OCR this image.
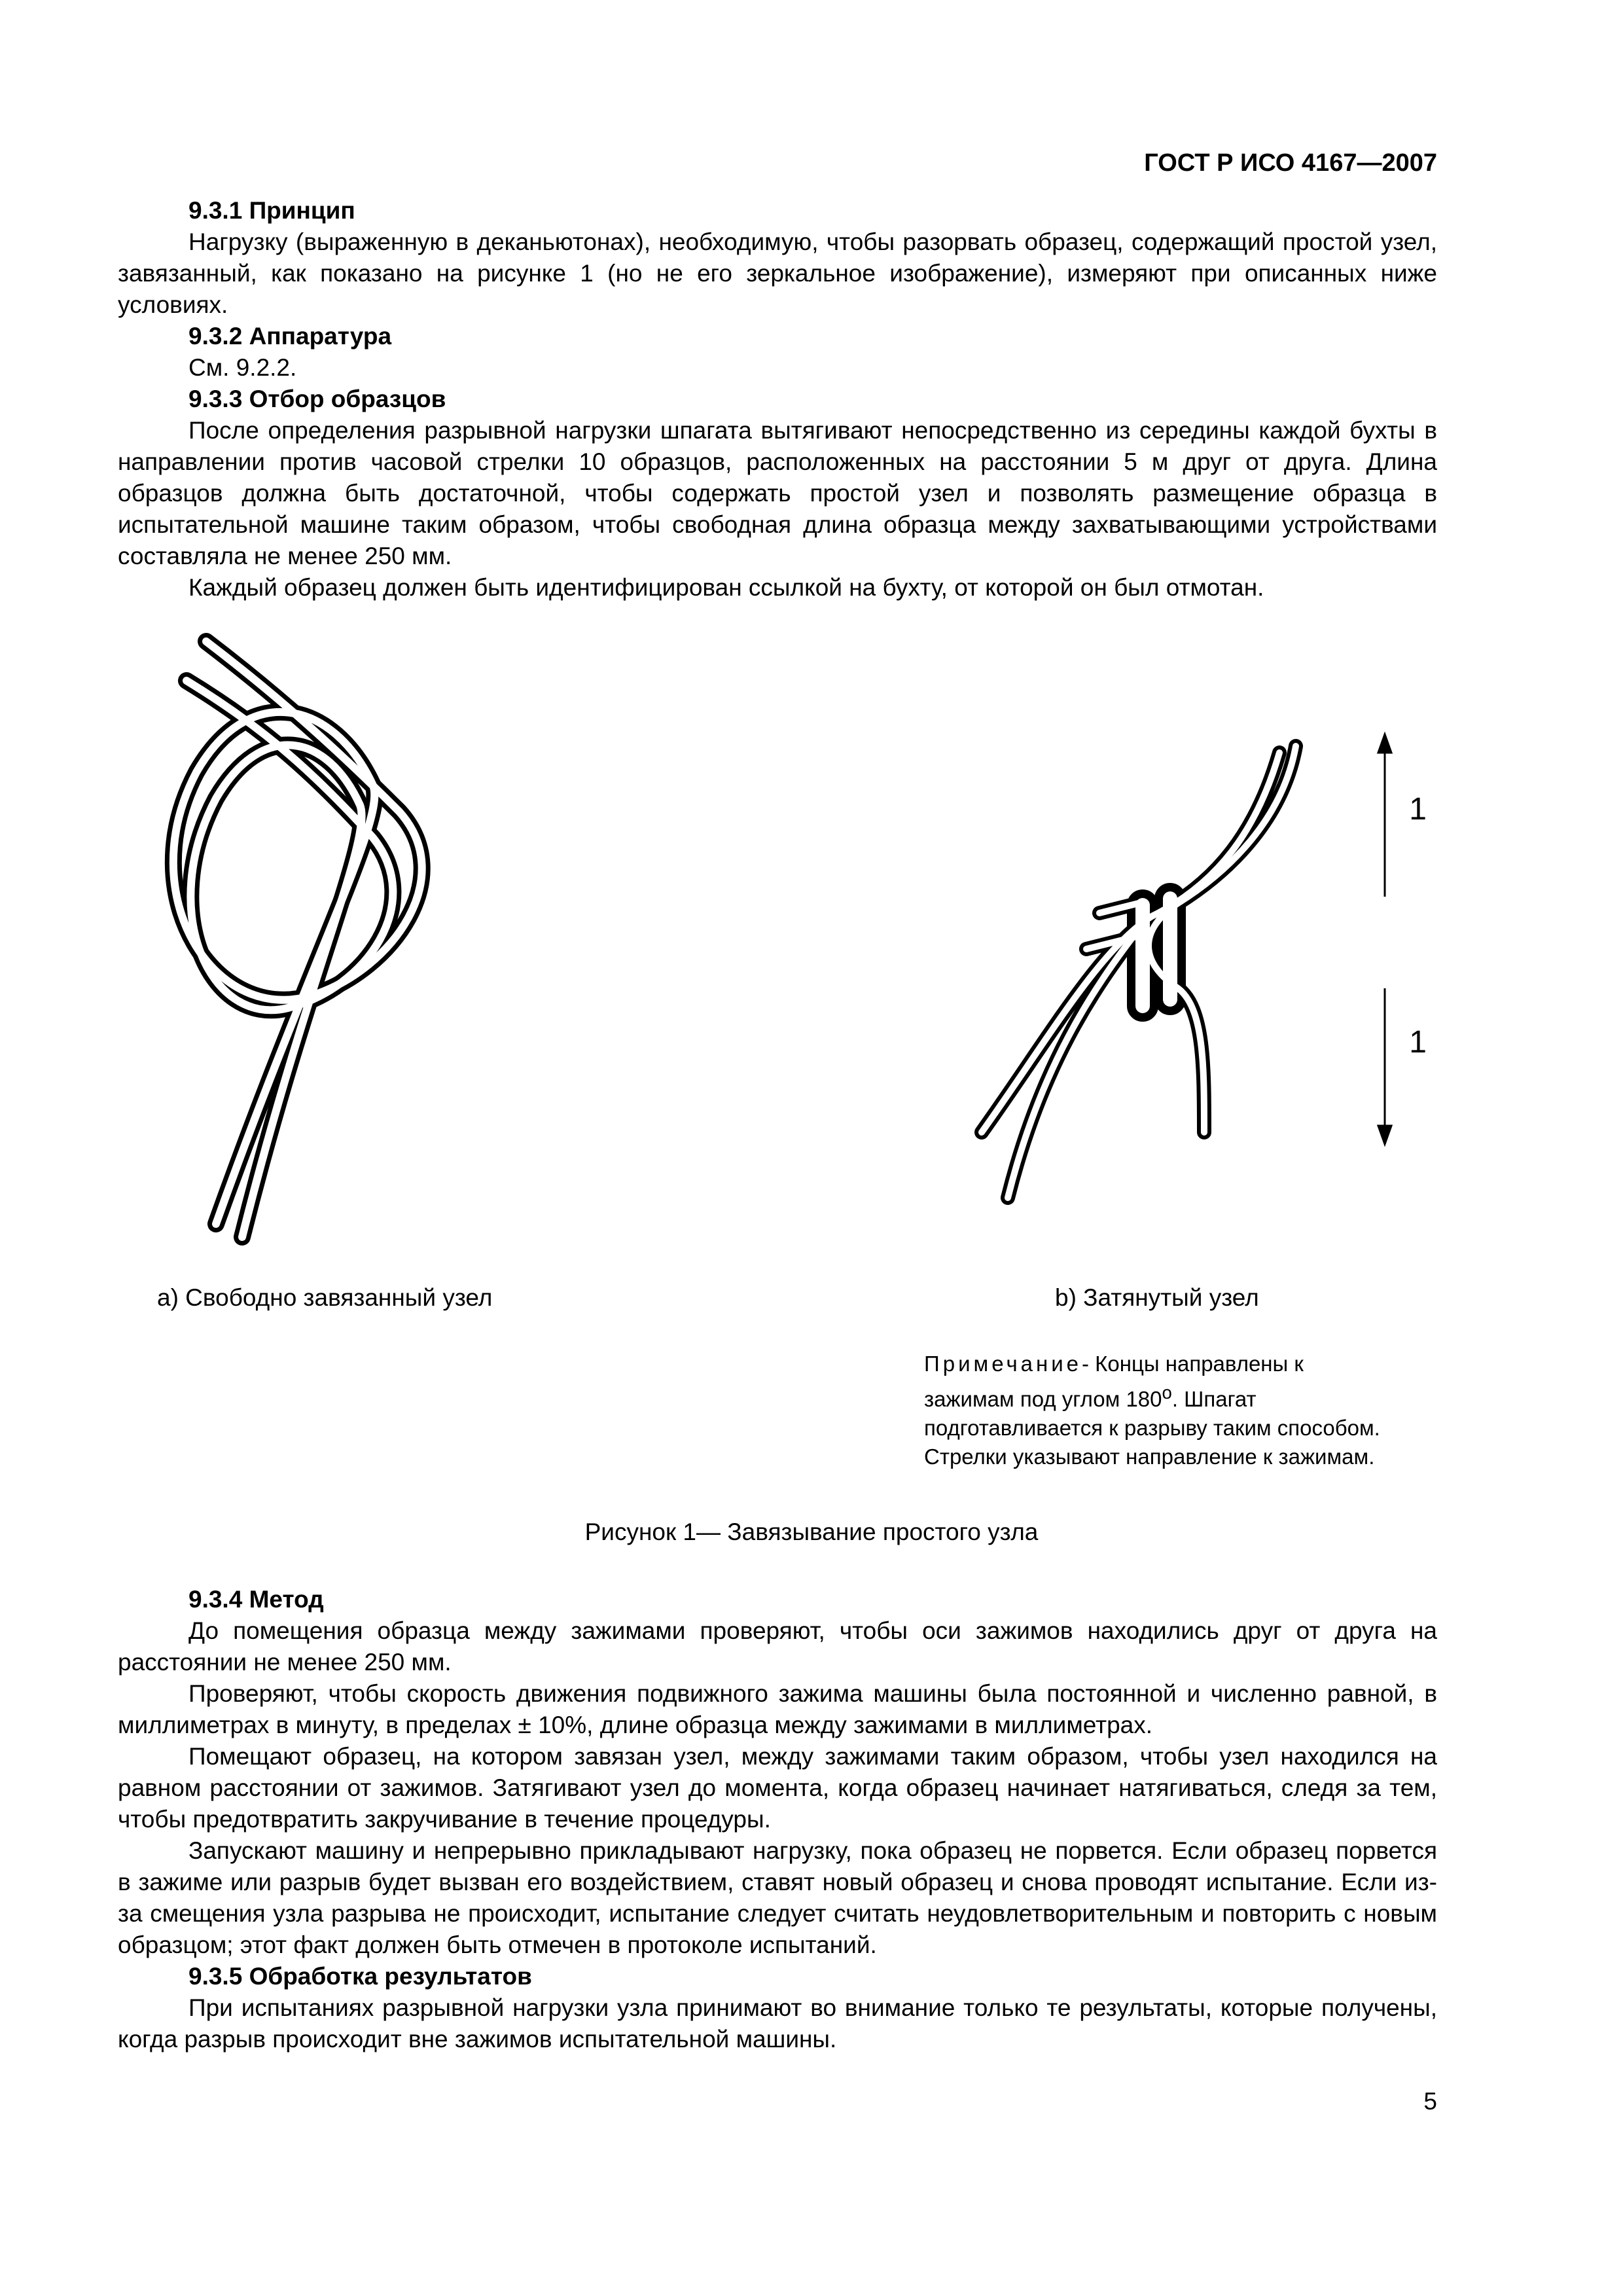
ГОСТ Р ИСО 4167—2007
9.3.1 Принцип

Нагрузку (выраженную в деканьютонах), необходимую, чтобы разорвать образец, содержащий простой узел, завязанный, как показано на рисунке 1 (но не его зеркальное изображение), измеряют при описанных ниже условиях.

9.3.2 Аппаратура

См. 9.2.2.

9.3.3 Отбор образцов

После определения разрывной нагрузки шпагата вытягивают непосредственно из середины каждой бухты в направлении против часовой стрелки 10 образцов, расположенных на расстоянии 5 м друг от друга. Длина образцов должна быть достаточной, чтобы содержать простой узел и позволять размещение образца в испытательной машине таким образом, чтобы свободная длина образца между захватывающими устройствами составляла не менее 250 мм.

Каждый образец должен быть идентифицирован ссылкой на бухту, от которой он был отмотан.

1
1
а) Свободно завязанный узел	b) Затянутый узел
Примечание- Концы направлены к зажимам под углом 180$^o$. Шпагат подготавливается к разрыву таким способом. Стрелки указывают направление к зажимам.
Рисунок 1— Завязывание простого узла
9.3.4 Метод

До помещения образца между зажимами проверяют, чтобы оси зажимов находились друг от друга на расстоянии не менее 250 мм.

Проверяют, чтобы скорость движения подвижного зажима машины была постоянной и численно равной, в миллиметрах в минуту, в пределах ± 10%, длине образца между зажимами в миллиметрах.

Помещают образец, на котором завязан узел, между зажимами таким образом, чтобы узел находился на равном расстоянии от зажимов. Затягивают узел до момента, когда образец начинает натягиваться, следя за тем, чтобы предотвратить закручивание в течение процедуры.

Запускают машину и непрерывно прикладывают нагрузку, пока образец не порвется. Если образец порвется в зажиме или разрыв будет вызван его воздействием, ставят новый образец и снова проводят испытание. Если из-за смещения узла разрыва не происходит, испытание следует считать неудовлетворительным и повторить с новым образцом; этот факт должен быть отмечен в протоколе испытаний.

9.3.5 Обработка результатов

При испытаниях разрывной нагрузки узла принимают во внимание только те результаты, которые получены, когда разрыв происходит вне зажимов испытательной машины.

5
